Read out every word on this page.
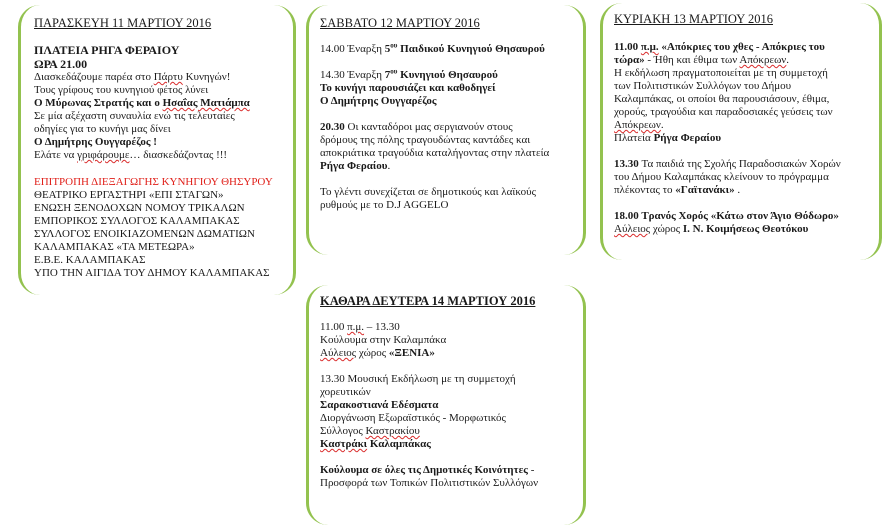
ΠΑΡΑΣΚΕΥΗ 11 ΜΑΡΤΙΟΥ 2016

ΠΛΑΤΕΙΑ ΡΗΓΑ ΦΕΡΑΙΟΥ

ΩΡΑ 21.00

Διασκεδάζουμε παρέα στο Πάρτυ Κυνηγών!

Τους γρίφους του κυνηγιού φέτος λύνει

Ο Μύρωνας Στρατής και ο Ησαΐας Ματιάμπα

Σε μία αξέχαστη συναυλία ενώ τις τελευταίες

οδηγίες για το κυνήγι μας δίνει

Ο Δημήτρης Ουγγαρέζος !

Ελάτε να γριφάρουμε… διασκεδάζοντας !!!

ΕΠΙΤΡΟΠΗ ΔΙΕΞΑΓΩΓΗΣ ΚΥΝΗΓΙΟΥ ΘΗΣΥΡΟΥ

ΘΕΑΤΡΙΚΟ ΕΡΓΑΣΤΗΡΙ «ΕΠΙ ΣΤΑΓΩΝ»

ΕΝΩΣΗ ΞΕΝΟΔΟΧΩΝ ΝΟΜΟΥ ΤΡΙΚΑΛΩΝ

ΕΜΠΟΡΙΚΟΣ ΣΥΛΛΟΓΟΣ ΚΑΛΑΜΠΑΚΑΣ

ΣΥΛΛΟΓΟΣ ΕΝΟΙΚΙΑΖΟΜΕΝΩΝ ΔΩΜΑΤΙΩΝ

ΚΑΛΑΜΠΑΚΑΣ «ΤΑ ΜΕΤΕΩΡΑ»

Ε.Β.Ε. ΚΑΛΑΜΠΑΚΑΣ

ΥΠΟ ΤΗΝ ΑΙΓΙΔΑ ΤΟΥ ΔΗΜΟΥ ΚΑΛΑΜΠΑΚΑΣ

ΣΑΒΒΑΤΟ 12 ΜΑΡΤΙΟΥ 2016

14.00 Έναρξη $5^{o\upsilon}$ Παιδικού Κυνηγιού Θησαυρού

14.30 Έναρξη $7^{o\upsilon}$ Κυνηγιού Θησαυρού

Το κυνήγι παρουσιάζει και καθοδηγεί

Ο Δημήτρης Ουγγαρέζος

20.30 Οι κανταδόροι μας σεργιανούν στους

δρόμους της πόλης τραγουδώντας καντάδες και

αποκριάτικα τραγούδια καταλήγοντας στην πλατεία

Ρήγα Φεραίου.

Το γλέντι συνεχίζεται σε δημοτικούς και λαϊκούς

ρυθμούς με το D.J AGGELO

ΚΥΡΙΑΚΗ 13 ΜΑΡΤΙΟΥ 2016

11.00 π.μ. «Απόκριες του χθες - Απόκριες του

τώρα» - Ήθη και έθιμα των Απόκρεων.

Η εκδήλωση πραγματοποιείται με τη συμμετοχή

των Πολιτιστικών Συλλόγων του Δήμου

Καλαμπάκας, οι οποίοι θα παρουσιάσουν, έθιμα,

χορούς, τραγούδια και παραδοσιακές γεύσεις των

Απόκρεων.

Πλατεία Ρήγα Φεραίου

13.30 Τα παιδιά της Σχολής Παραδοσιακών Χορών

του Δήμου Καλαμπάκας κλείνουν το πρόγραμμα

πλέκοντας το «Γαϊτανάκι» .

18.00 Τρανός Χορός «Κάτω στον Άγιο Θόδωρο»

Αύλειος χώρος Ι. Ν. Κοιμήσεως Θεοτόκου

ΚΑΘΑΡΑ ΔΕΥΤΕΡΑ 14 ΜΑΡΤΙΟΥ 2016

11.00 π.μ. – 13.30

Κούλουμα στην Καλαμπάκα

Αύλειος χώρος «ΞΕΝΙΑ»

13.30 Μουσική Εκδήλωση με τη συμμετοχή

χορευτικών

Σαρακοστιανά Εδέσματα

Διοργάνωση Εξωραϊστικός - Μορφωτικός

Σύλλογος Καστρακίου

Καστράκι Καλαμπάκας

Κούλουμα σε όλες τις Δημοτικές Κοινότητες -

Προσφορά των Τοπικών Πολιτιστικών Συλλόγων
